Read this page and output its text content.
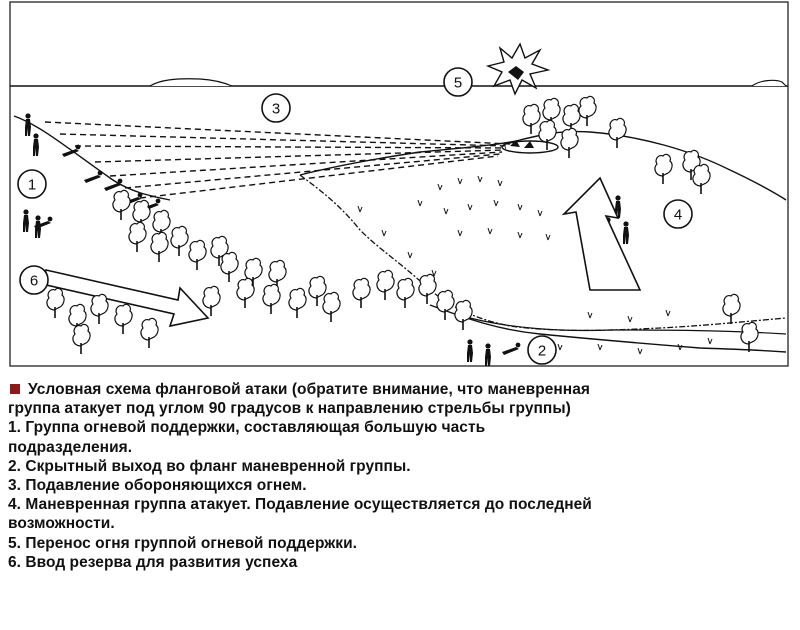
1
2
3
4
5
6
Условная схема фланговой атаки (обратите внимание, что маневренная
группа атакует под углом 90 градусов к направлению стрельбы группы)
1. Группа огневой поддержки, составляющая большую часть
подразделения.
2. Скрытный выход во фланг маневренной группы.
3. Подавление обороняющихся огнем.
4. Маневренная группа атакует. Подавление осуществляется до последней
возможности.
5. Перенос огня группой огневой поддержки.
6. Ввод резерва для развития успеха
